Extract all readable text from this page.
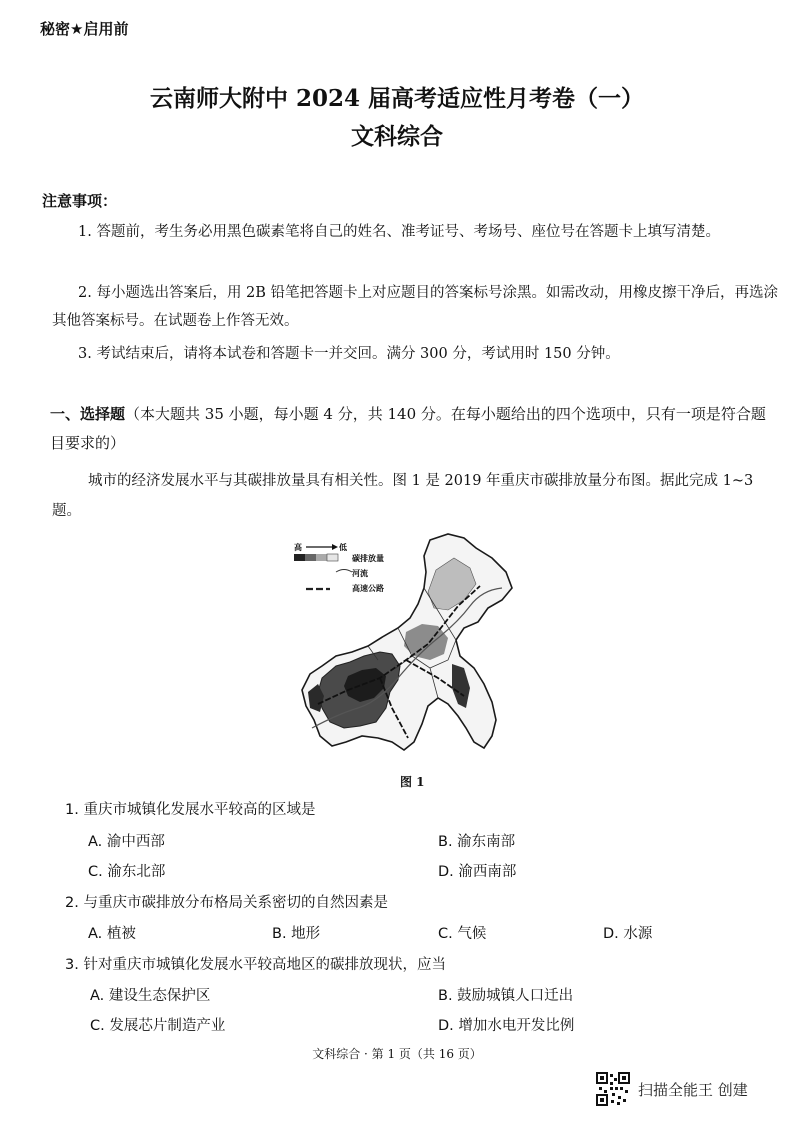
秘密★启用前
云南师大附中 2024 届高考适应性月考卷（一）
文科综合
注意事项：
1. 答题前，考生务必用黑色碳素笔将自己的姓名、准考证号、考场号、座位号在答题卡上填写清楚。
2. 每小题选出答案后，用 2B 铅笔把答题卡上对应题目的答案标号涂黑。如需改动，用橡皮擦干净后，再选涂其他答案标号。在试题卷上作答无效。
3. 考试结束后，请将本试卷和答题卡一并交回。满分 300 分，考试用时 150 分钟。
一、选择题（本大题共 35 小题，每小题 4 分，共 140 分。在每小题给出的四个选项中，只有一项是符合题目要求的）
城市的经济发展水平与其碳排放量具有相关性。图 1 是 2019 年重庆市碳排放量分布图。据此完成 1~3 题。
高	低
碳排放量
河流
高速公路
图 1
1. 重庆市城镇化发展水平较高的区域是
A. 渝中西部	B. 渝东南部
C. 渝东北部	D. 渝西南部
2. 与重庆市碳排放分布格局关系密切的自然因素是
A. 植被	B. 地形	C. 气候	D. 水源
3. 针对重庆市城镇化发展水平较高地区的碳排放现状，应当
A. 建设生态保护区	B. 鼓励城镇人口迁出
C. 发展芯片制造产业	D. 增加水电开发比例
文科综合 · 第 1 页（共 16 页）
扫描全能王 创建
